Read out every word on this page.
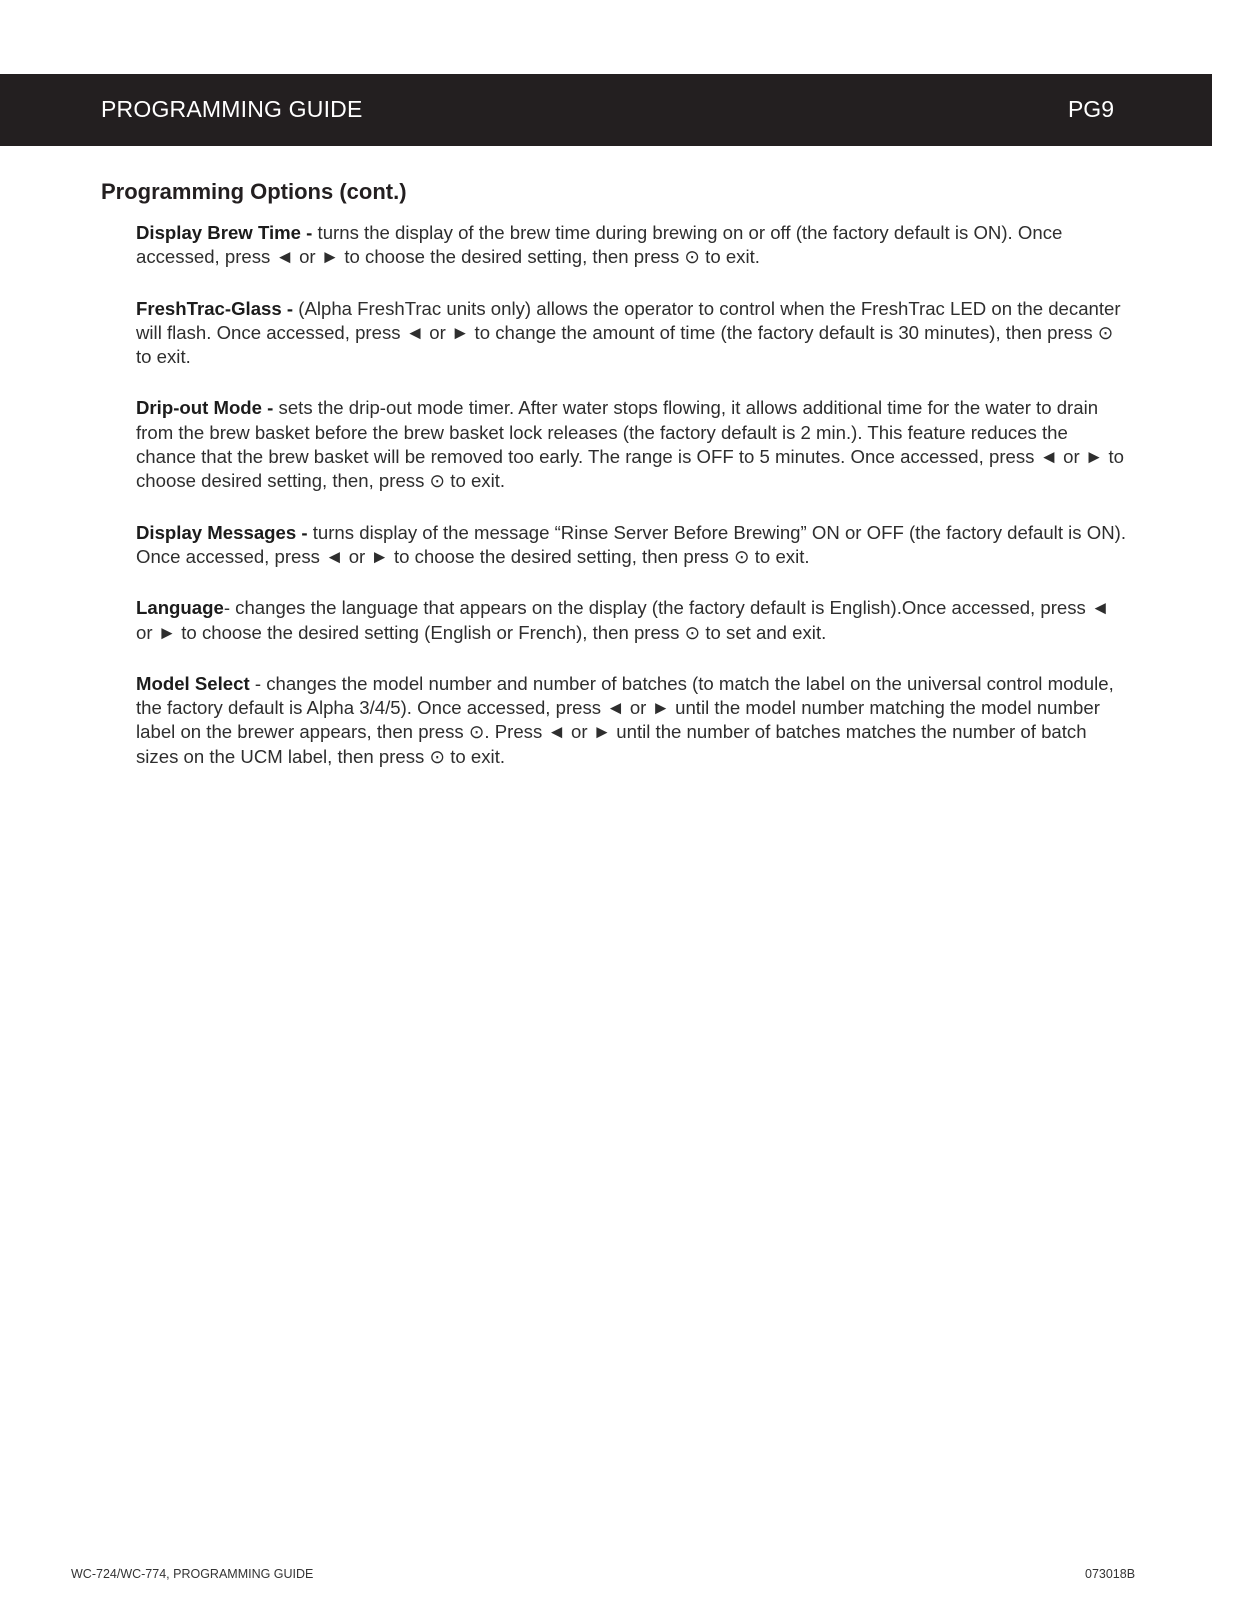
PROGRAMMING GUIDE	PG9
Programming Options (cont.)

Display Brew Time - turns the display of the brew time during brewing on or off (the factory default is ON). Once accessed, press ◄ or ► to choose the desired setting, then press ⊙ to exit.

FreshTrac-Glass - (Alpha FreshTrac units only) allows the operator to control when the FreshTrac LED on the decanter will flash. Once accessed, press ◄ or ► to change the amount of time (the factory default is 30 minutes), then press ⊙ to exit.

Drip-out Mode - sets the drip-out mode timer. After water stops flowing, it allows additional time for the water to drain from the brew basket before the brew basket lock releases (the factory default is 2 min.). This feature reduces the chance that the brew basket will be removed too early. The range is OFF to 5 minutes. Once accessed, press ◄ or ► to choose desired setting, then, press ⊙ to exit.

Display Messages - turns display of the message “Rinse Server Before Brewing” ON or OFF (the factory default is ON). Once accessed, press ◄ or ► to choose the desired setting, then press ⊙ to exit.

Language- changes the language that appears on the display (the factory default is English).Once accessed, press ◄ or ► to choose the desired setting (English or French), then press ⊙ to set and exit.

Model Select - changes the model number and number of batches (to match the label on the universal control module, the factory default is Alpha 3/4/5). Once accessed, press ◄ or ► until the model number matching the model number label on the brewer appears, then press ⊙. Press ◄ or ► until the number of batches matches the number of batch sizes on the UCM label, then press ⊙ to exit.

WC-724/WC-774, PROGRAMMING GUIDE	073018B
